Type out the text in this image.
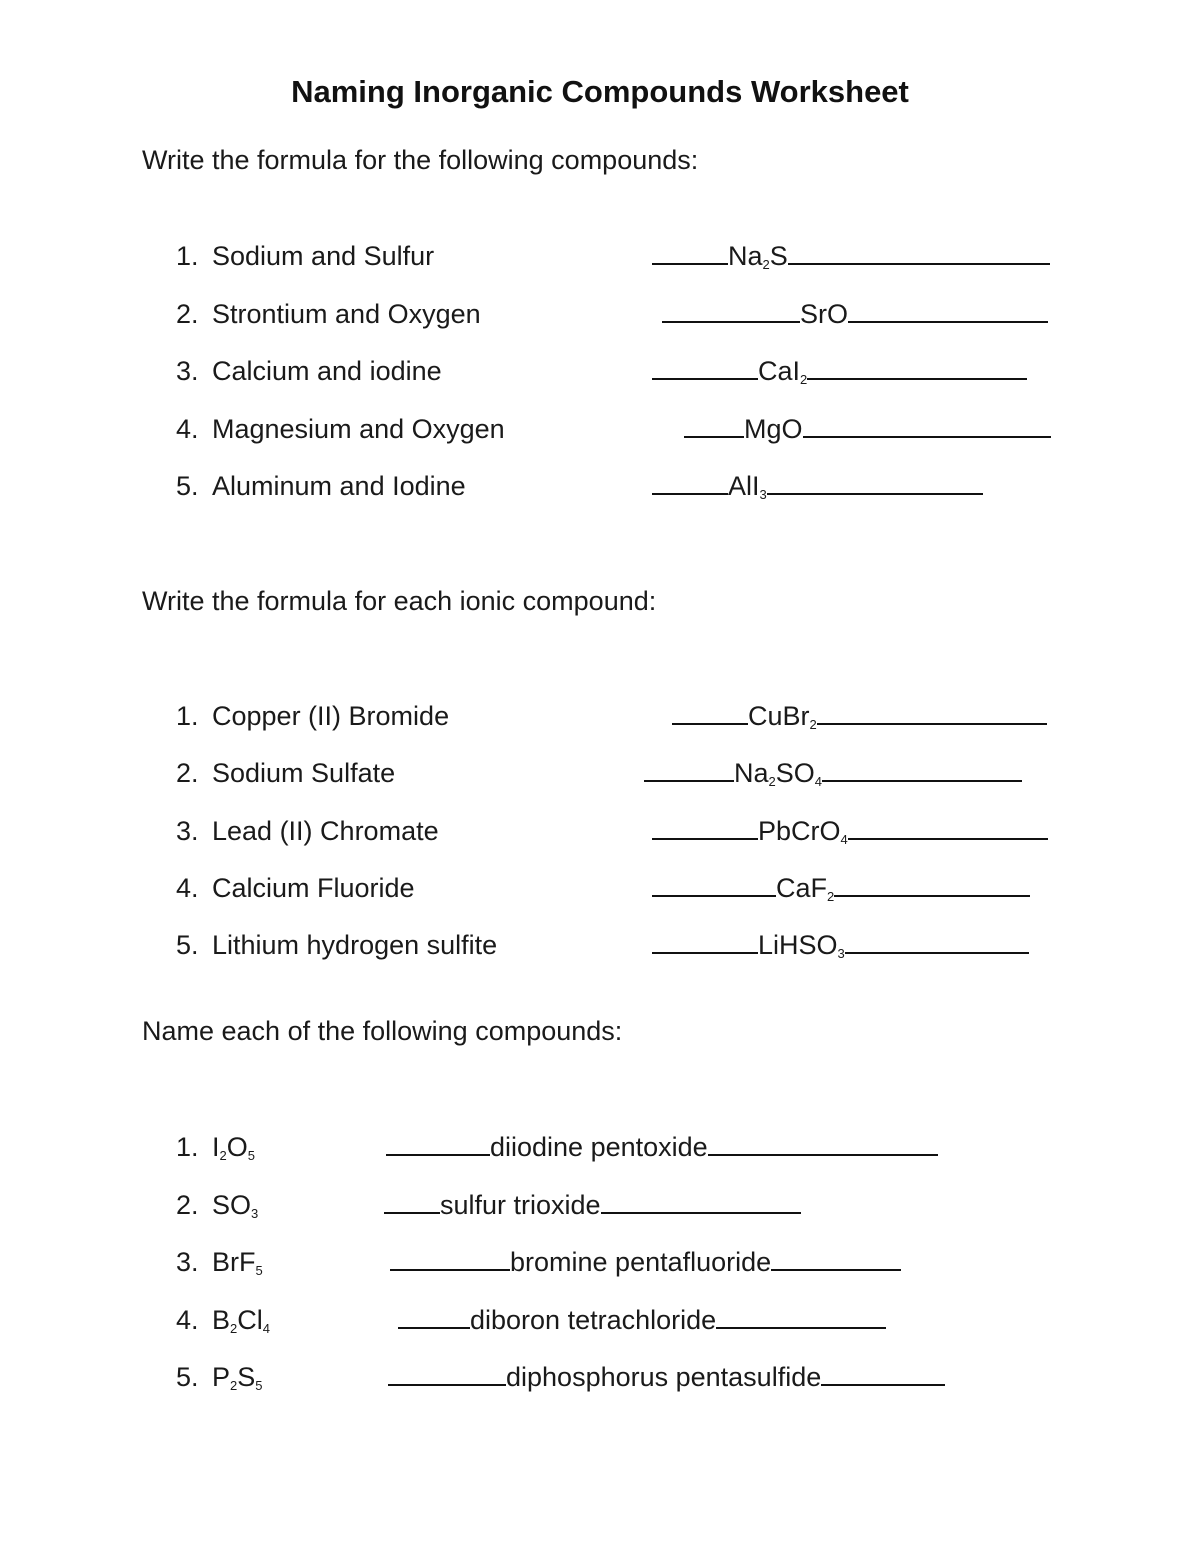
Naming Inorganic Compounds Worksheet
Write the formula for the following compounds:
Write the formula for each ionic compound:
Name each of the following compounds:
1. Sodium and Sulfur
2. Strontium and Oxygen
3. Calcium and iodine
4. Magnesium and Oxygen
5. Aluminum and Iodine
$Na_2S$
SrO
CaI$_2$
MgO
AlI$_3$
1. Copper (II) Bromide
2. Sodium Sulfate
3. Lead (II) Chromate
4. Calcium Fluoride
5. Lithium hydrogen sulfite
CuBr$_2$
$Na_2SO_4$
PbCrO$_4$
CaF$_2$
LiHSO$_3$
1. $I_2O_5$
2. $SO_3$
3. BrF$_5$
4. $B_2Cl_4$
5. $P_2S_5$
diiodine pentoxide
sulfur trioxide
bromine pentafluoride
diboron tetrachloride
diphosphorus pentasulfide
